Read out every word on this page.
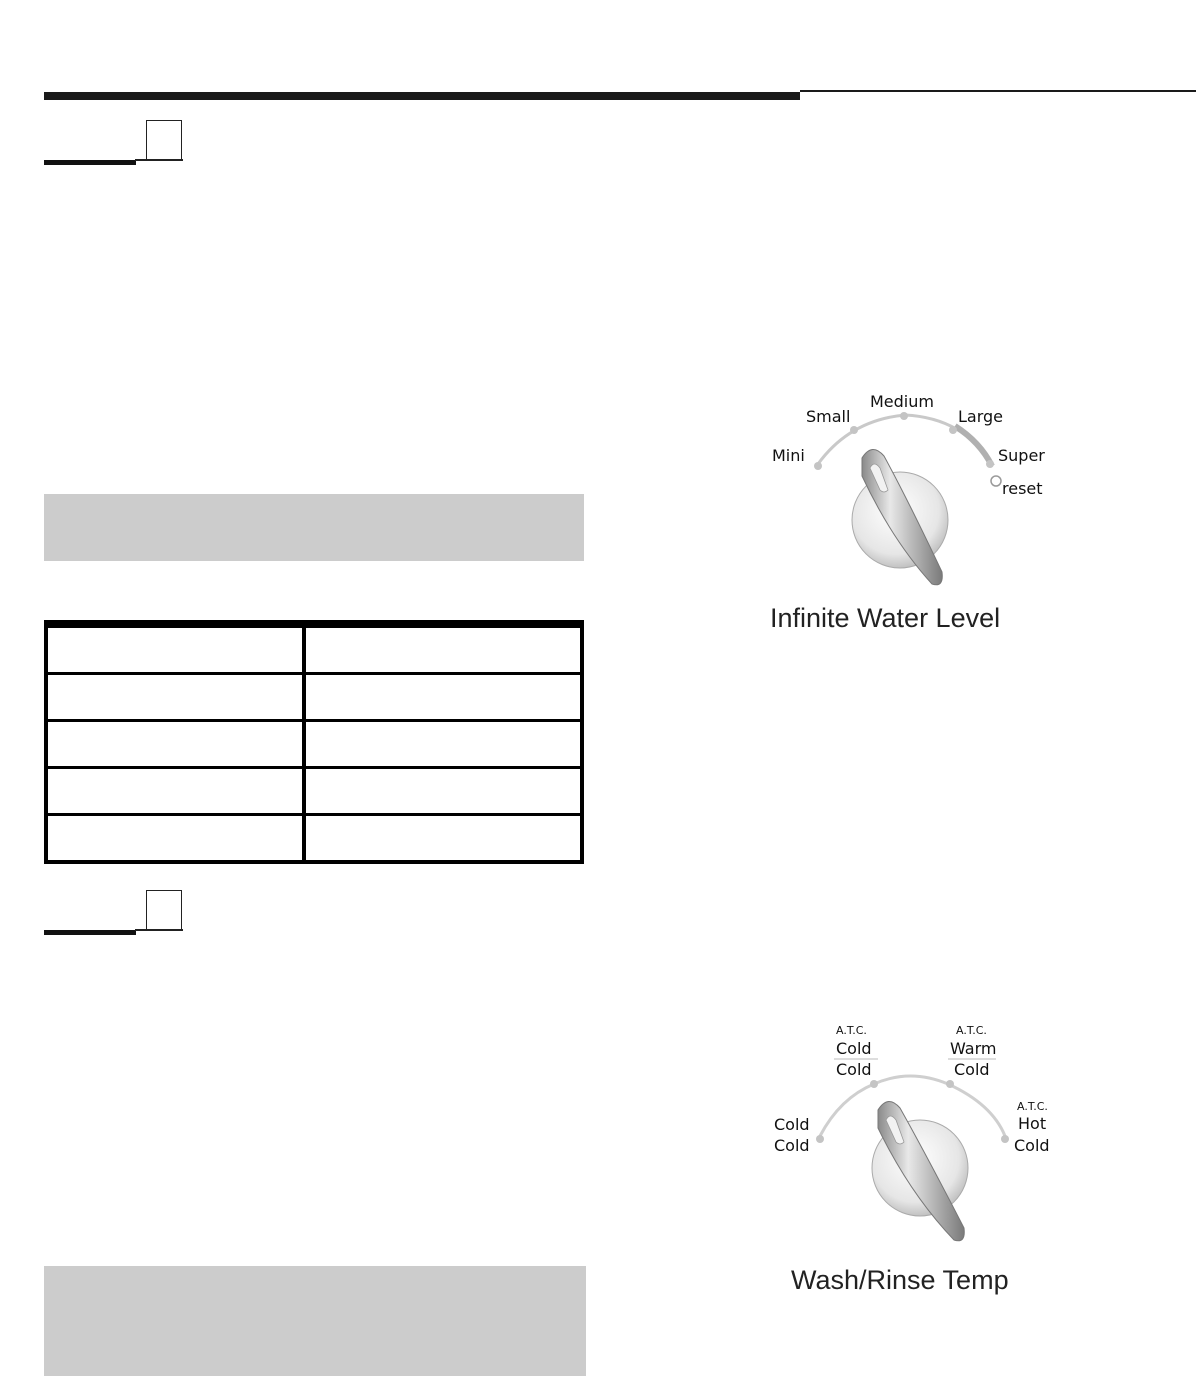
Mini
Small
Medium
Large
Super
reset
Infinite Water Level
Cold
Cold
A.T.C.
Cold
Cold
A.T.C.
Warm
Cold
A.T.C.
Hot
Cold
Wash/Rinse Temp
